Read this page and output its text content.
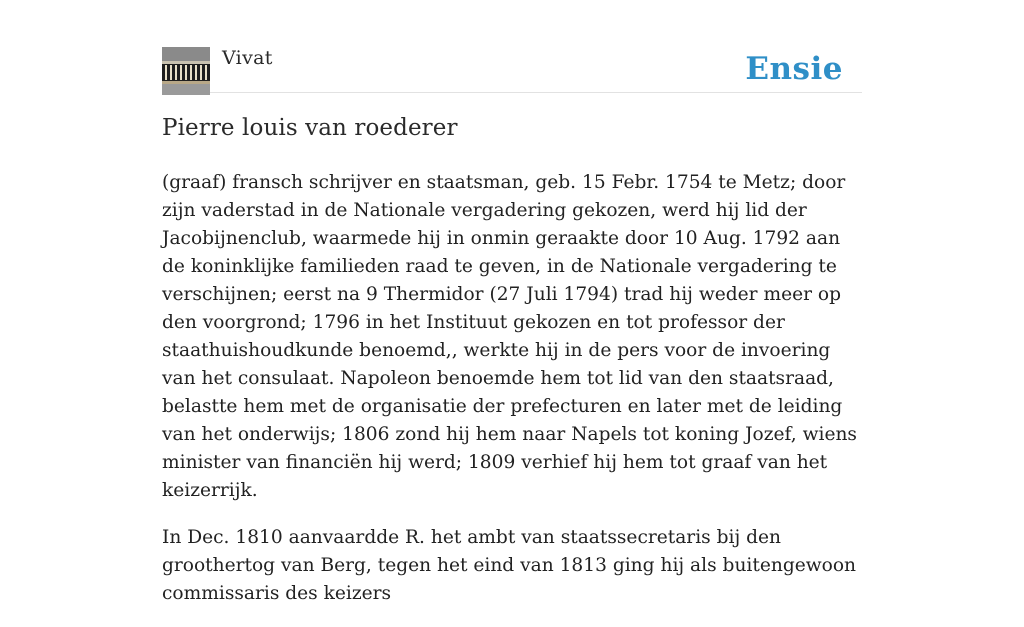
Vivat	Ensie
Pierre louis van roederer

(graaf) fransch schrijver en staatsman, geb. 15 Febr. 1754 te Metz; door zijn vaderstad in de Nationale vergadering gekozen, werd hij lid der Jacobijnenclub, waarmede hij in onmin geraakte door 10 Aug. 1792 aan de koninklijke familieden raad te geven, in de Nationale vergadering te verschijnen; eerst na 9 Thermidor (27 Juli 1794) trad hij weder meer op den voorgrond; 1796 in het Instituut gekozen en tot professor der staathuishoudkunde benoemd,, werkte hij in de pers voor de invoering van het consulaat. Napoleon benoemde hem tot lid van den staatsraad, belastte hem met de organisatie der prefecturen en later met de leiding van het onderwijs; 1806 zond hij hem naar Napels tot koning Jozef, wiens minister van financiën hij werd; 1809 verhief hij hem tot graaf van het keizerrijk.

In Dec. 1810 aanvaardde R. het ambt van staatssecretaris bij den groothertog van Berg, tegen het eind van 1813 ging hij als buitengewoon commissaris des keizers
